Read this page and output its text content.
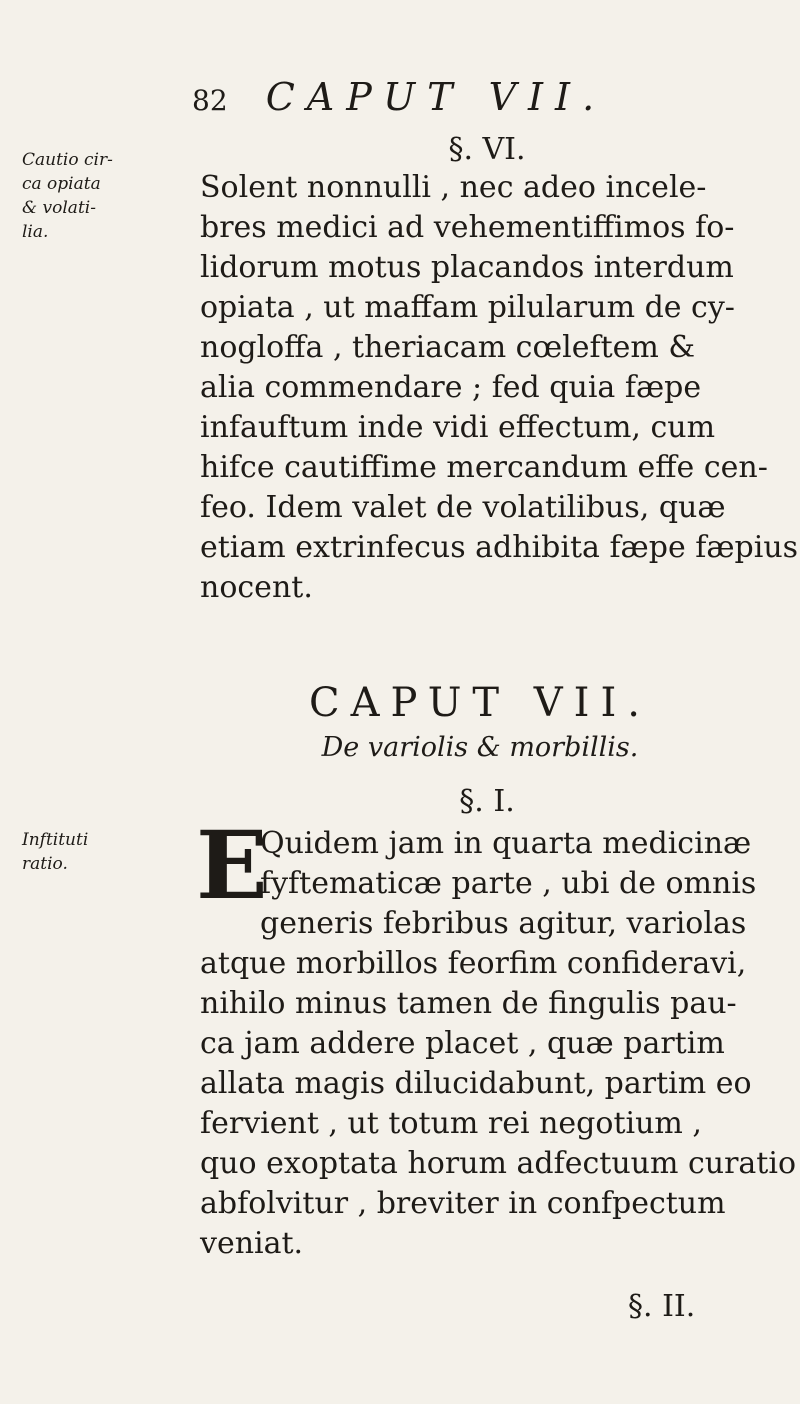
82 CAPUT VII.
Cautio cir-
ca opiata
& volati-
lia.
§. VI.
Solent nonnulli , nec adeo incele-
bres medici ad vehementiffimos fo-
lidorum motus placandos interdum
opiata , ut maffam pilularum de cy-
nogloffa , theriacam cœleftem &
alia commendare ; fed quia fæpe
infauftum inde vidi effectum, cum
hifce cautiffime mercandum effe cen-
feo. Idem valet de volatilibus, quæ
etiam extrinfecus adhibita fæpe fæpius
nocent.
CAPUT VII.
De variolis & morbillis.
Inftituti
ratio.
§. I.
E
Quidem jam in quarta medicinæ
fyftematicæ parte , ubi de omnis
generis febribus agitur, variolas
atque morbillos feorfim confideravi,
nihilo minus tamen de fingulis pau-
ca jam addere placet , quæ partim
allata magis dilucidabunt, partim eo
fervient , ut totum rei negotium ,
quo exoptata horum adfectuum curatio
abfolvitur , breviter in confpectum
veniat.
§. II.
